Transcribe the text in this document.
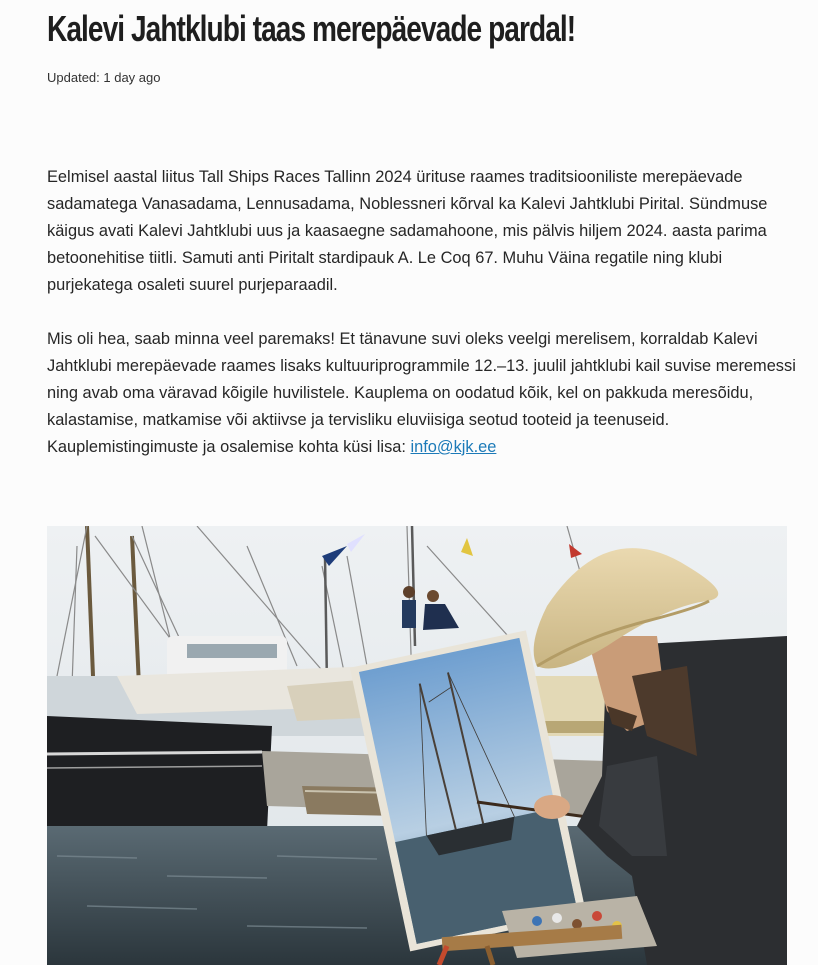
Kalevi Jahtklubi taas merepäevade pardal!
Updated: 1 day ago

Eelmisel aastal liitus Tall Ships Races Tallinn 2024 ürituse raames traditsiooniliste merepäevade sadamatega Vanasadama, Lennusadama, Noblessneri kõrval ka Kalevi Jahtklubi Pirital. Sündmuse käigus avati Kalevi Jahtklubi uus ja kaasaegne sadamahoone, mis pälvis hiljem 2024. aasta parima betoonehitise tiitli. Samuti anti Piritalt stardipauk A. Le Coq 67. Muhu Väina regatile ning klubi purjekatega osaleti suurel purjeparaadil.

Mis oli hea, saab minna veel paremaks! Et tänavune suvi oleks veelgi merelisem, korraldab Kalevi Jahtklubi merepäevade raames lisaks kultuuriprogrammile 12.–13. juulil jahtklubi kail suvise meremessi ning avab oma väravad kõigile huvilistele. Kauplema on oodatud kõik, kel on pakkuda meresõidu, kalastamise, matkamise või aktiivse ja tervisliku eluviisiga seotud tooteid ja teenuseid. Kauplemistingimuste ja osalemise kohta küsi lisa: info@kjk.ee
